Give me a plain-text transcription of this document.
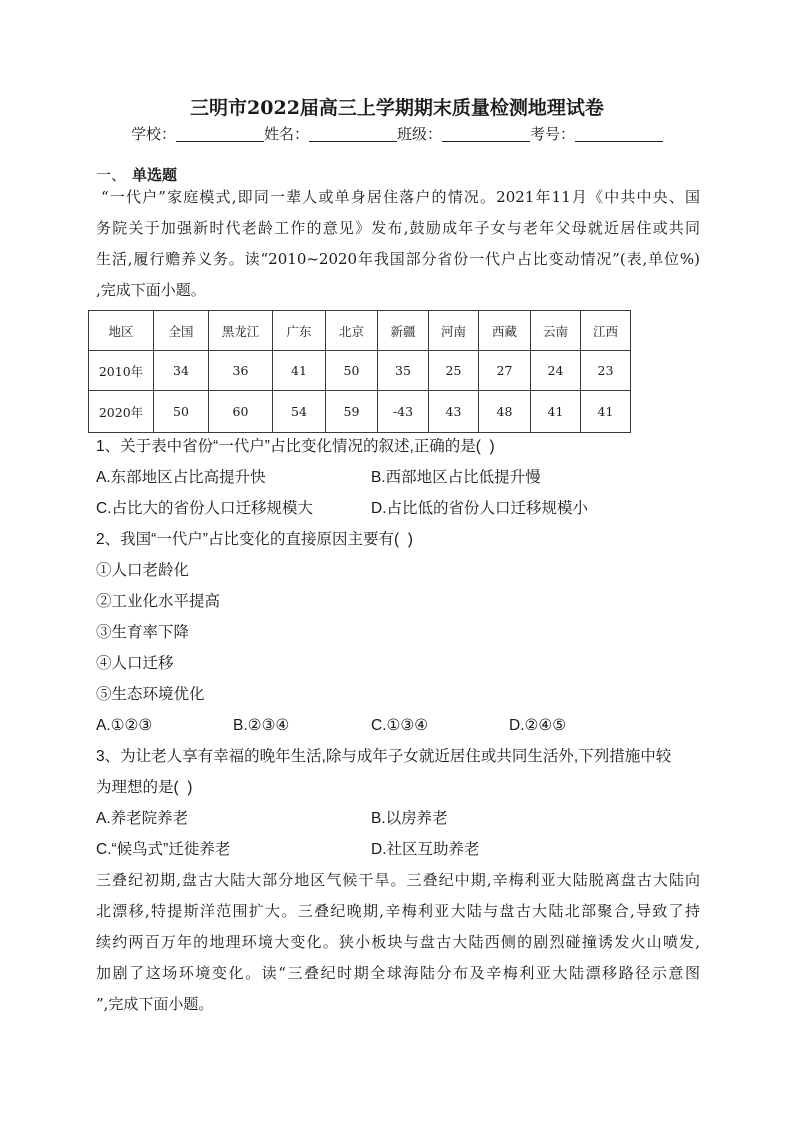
三明市2022届高三上学期期末质量检测地理试卷
学校：	姓名：	班级：	考号：
一、 单选题
“一代户”家庭模式,即同一辈人或单身居住落户的情况。2021年11月《中共中央、国
务院关于加强新时代老龄工作的意见》发布,鼓励成年子女与老年父母就近居住或共同
生活,履行赡养义务。读“2010~2020年我国部分省份一代户占比变动情况”(表,单位%)
,完成下面小题。
地区	全国	黑龙江	广东	北京	新疆	河南	西藏	云南	江西
2010年	34	36	41	50	35	25	27	24	23
2020年	50	60	54	59	-43	43	48	41	41
1、关于表中省份“一代户”占比变化情况的叙述,正确的是(  )
A.东部地区占比高提升快	B.西部地区占比低提升慢
C.占比大的省份人口迁移规模大	D.占比低的省份人口迁移规模小
2、我国“一代户”占比变化的直接原因主要有(  )
①人口老龄化
②工业化水平提高
③生育率下降
④人口迁移
⑤生态环境优化
A.①②③	B.②③④	C.①③④	D.②④⑤
3、为让老人享有幸福的晚年生活,除与成年子女就近居住或共同生活外,下列措施中较
为理想的是(  )
A.养老院养老	B.以房养老
C.“候鸟式”迁徙养老	D.社区互助养老
三叠纪初期,盘古大陆大部分地区气候干旱。三叠纪中期,辛梅利亚大陆脱离盘古大陆向
北漂移,特提斯洋范围扩大。三叠纪晚期,辛梅利亚大陆与盘古大陆北部聚合,导致了持
续约两百万年的地理环境大变化。狭小板块与盘古大陆西侧的剧烈碰撞诱发火山喷发,
加剧了这场环境变化。读“三叠纪时期全球海陆分布及辛梅利亚大陆漂移路径示意图
”,完成下面小题。
